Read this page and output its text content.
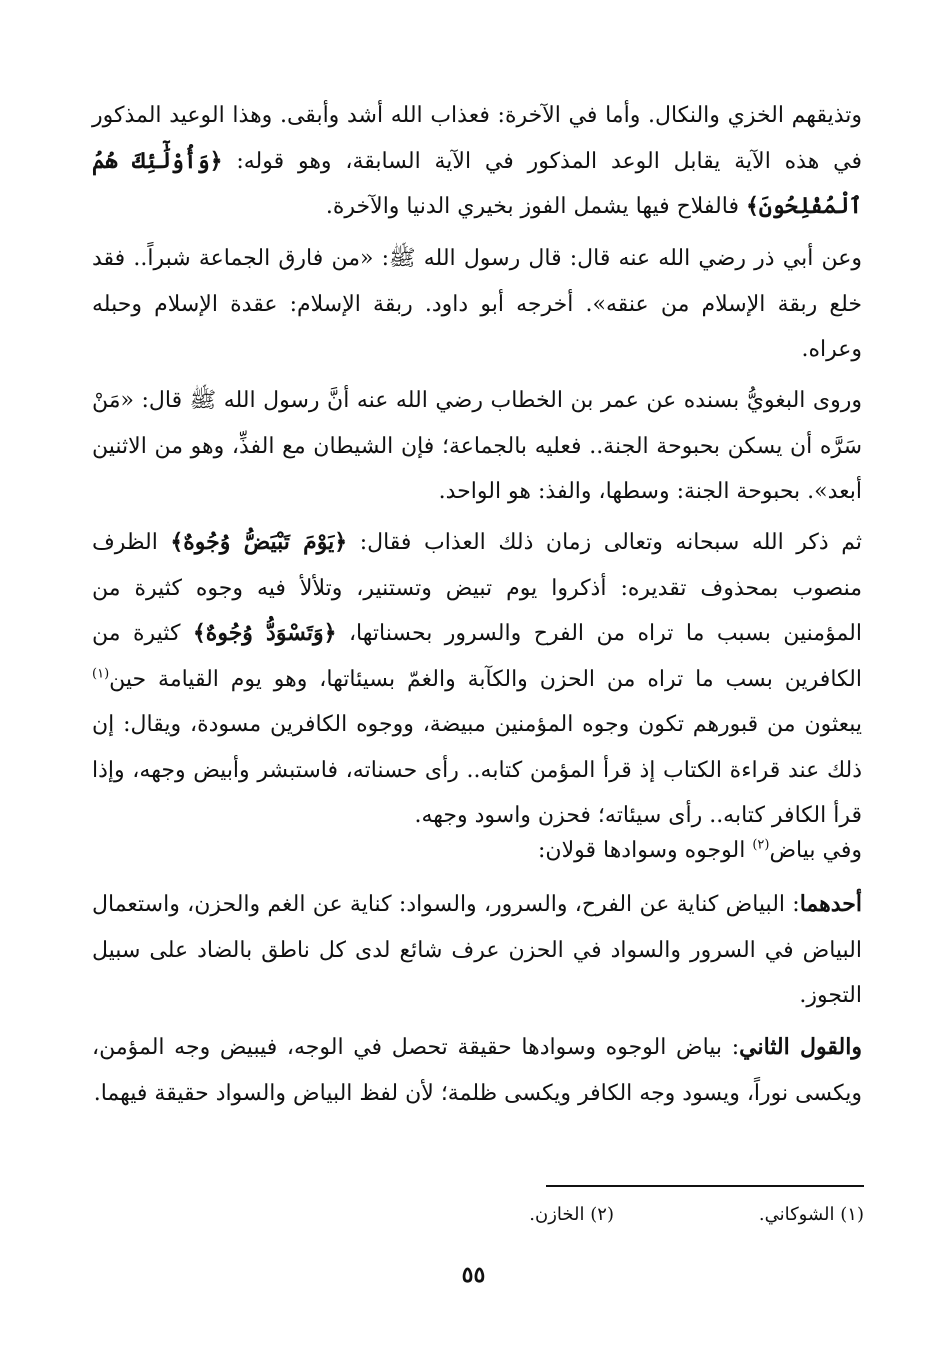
وتذيقهم الخزي والنكال. وأما في الآخرة: فعذاب الله أشد وأبقى. وهذا الوعيد المذكور في هذه الآية يقابل الوعد المذكور في الآية السابقة، وهو قوله: ﴿وَأُوْلَٰٓئِكَ هُمُ ٱلْمُفْلِحُونَ﴾ فالفلاح فيها يشمل الفوز بخيري الدنيا والآخرة.

وعن أبي ذر رضي الله عنه قال: قال رسول الله ﷺ: «من فارق الجماعة شبراً.. فقد خلع ربقة الإسلام من عنقه». أخرجه أبو داود. ربقة الإسلام: عقدة الإسلام وحبله وعراه.

وروى البغويُّ بسنده عن عمر بن الخطاب رضي الله عنه أنَّ رسول الله ﷺ قال: «مَنْ سَرَّه أن يسكن بحبوحة الجنة.. فعليه بالجماعة؛ فإن الشيطان مع الفذِّ، وهو من الاثنين أبعد». بحبوحة الجنة: وسطها، والفذ: هو الواحد.

ثم ذكر الله سبحانه وتعالى زمان ذلك العذاب فقال: ﴿يَوْمَ تَبْيَضُّ وُجُوهٌ﴾ الظرف منصوب بمحذوف تقديره: أذكروا يوم تبيض وتستنير، وتلألأ فيه وجوه كثيرة من المؤمنين بسبب ما تراه من الفرح والسرور بحسناتها، ﴿وَتَسْوَدُّ وُجُوهٌ﴾ كثيرة من الكافرين بسب ما تراه من الحزن والكآبة والغمّ بسيئاتها، وهو يوم القيامة حين$^{(١)}$ يبعثون من قبورهم تكون وجوه المؤمنين مبيضة، ووجوه الكافرين مسودة، ويقال: إن ذلك عند قراءة الكتاب إذ قرأ المؤمن كتابه.. رأى حسناته، فاستبشر وأبيض وجهه، وإذا قرأ الكافر كتابه.. رأى سيئاته؛ فحزن واسود وجهه.

وفي بياض$^{(٢)}$ الوجوه وسوادها قولان:

أحدهما: البياض كناية عن الفرح، والسرور، والسواد: كناية عن الغم والحزن، واستعمال البياض في السرور والسواد في الحزن عرف شائع لدى كل ناطق بالضاد على سبيل التجوز.

والقول الثاني: بياض الوجوه وسوادها حقيقة تحصل في الوجه، فيبيض وجه المؤمن، ويكسى نوراً، ويسود وجه الكافر ويكسى ظلمة؛ لأن لفظ البياض والسواد حقيقة فيهما.

(١) الشوكاني.
(٢) الخازن.
٥٥
